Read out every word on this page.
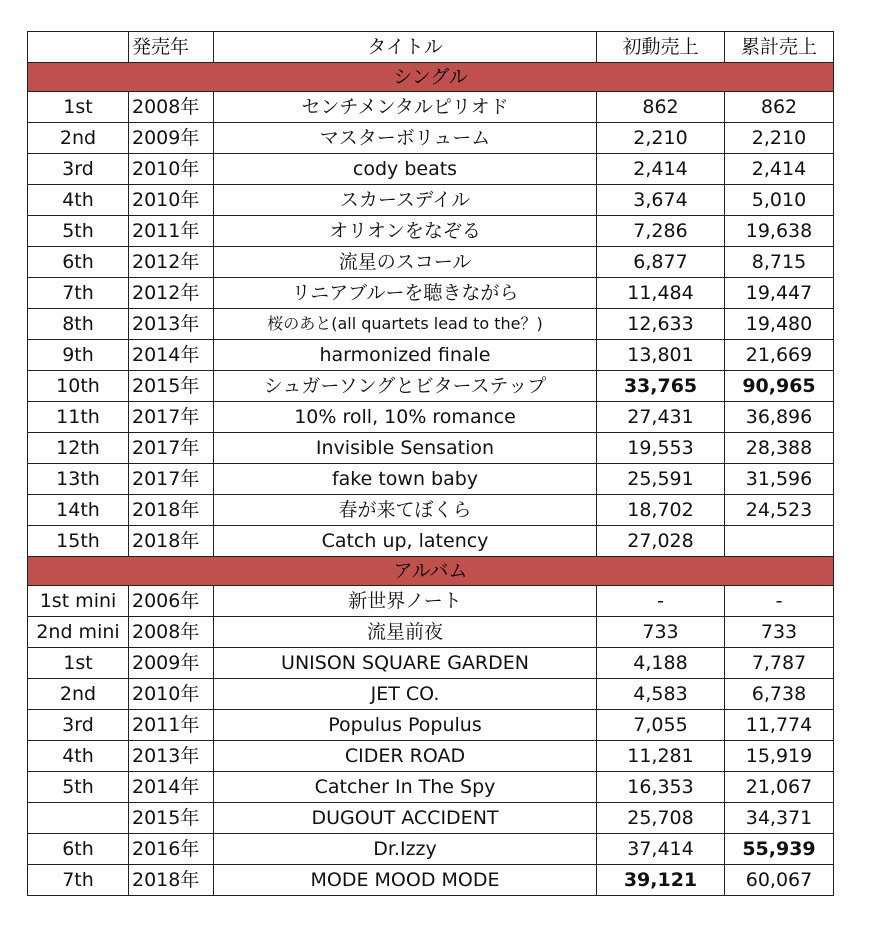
	発売年	タイトル	初動売上	累計売上
シングル				
1st	2008年	センチメンタルピリオド	862	862
2nd	2009年	マスターボリューム	2,210	2,210
3rd	2010年	cody beats	2,414	2,414
4th	2010年	スカースデイル	3,674	5,010
5th	2011年	オリオンをなぞる	7,286	19,638
6th	2012年	流星のスコール	6,877	8,715
7th	2012年	リニアブルーを聴きながら	11,484	19,447
8th	2013年	桜のあと(all quartets lead to the？)	12,633	19,480
9th	2014年	harmonized finale	13,801	21,669
10th	2015年	シュガーソングとビターステップ	33,765	90,965
11th	2017年	10% roll, 10% romance	27,431	36,896
12th	2017年	Invisible Sensation	19,553	28,388
13th	2017年	fake town baby	25,591	31,596
14th	2018年	春が来てぼくら	18,702	24,523
15th	2018年	Catch up, latency	27,028	
アルバム				
1st mini	2006年	新世界ノート	-	-
2nd mini	2008年	流星前夜	733	733
1st	2009年	UNISON SQUARE GARDEN	4,188	7,787
2nd	2010年	JET CO.	4,583	6,738
3rd	2011年	Populus Populus	7,055	11,774
4th	2013年	CIDER ROAD	11,281	15,919
5th	2014年	Catcher In The Spy	16,353	21,067
	2015年	DUGOUT ACCIDENT	25,708	34,371
6th	2016年	Dr.Izzy	37,414	55,939
7th	2018年	MODE MOOD MODE	39,121	60,067
